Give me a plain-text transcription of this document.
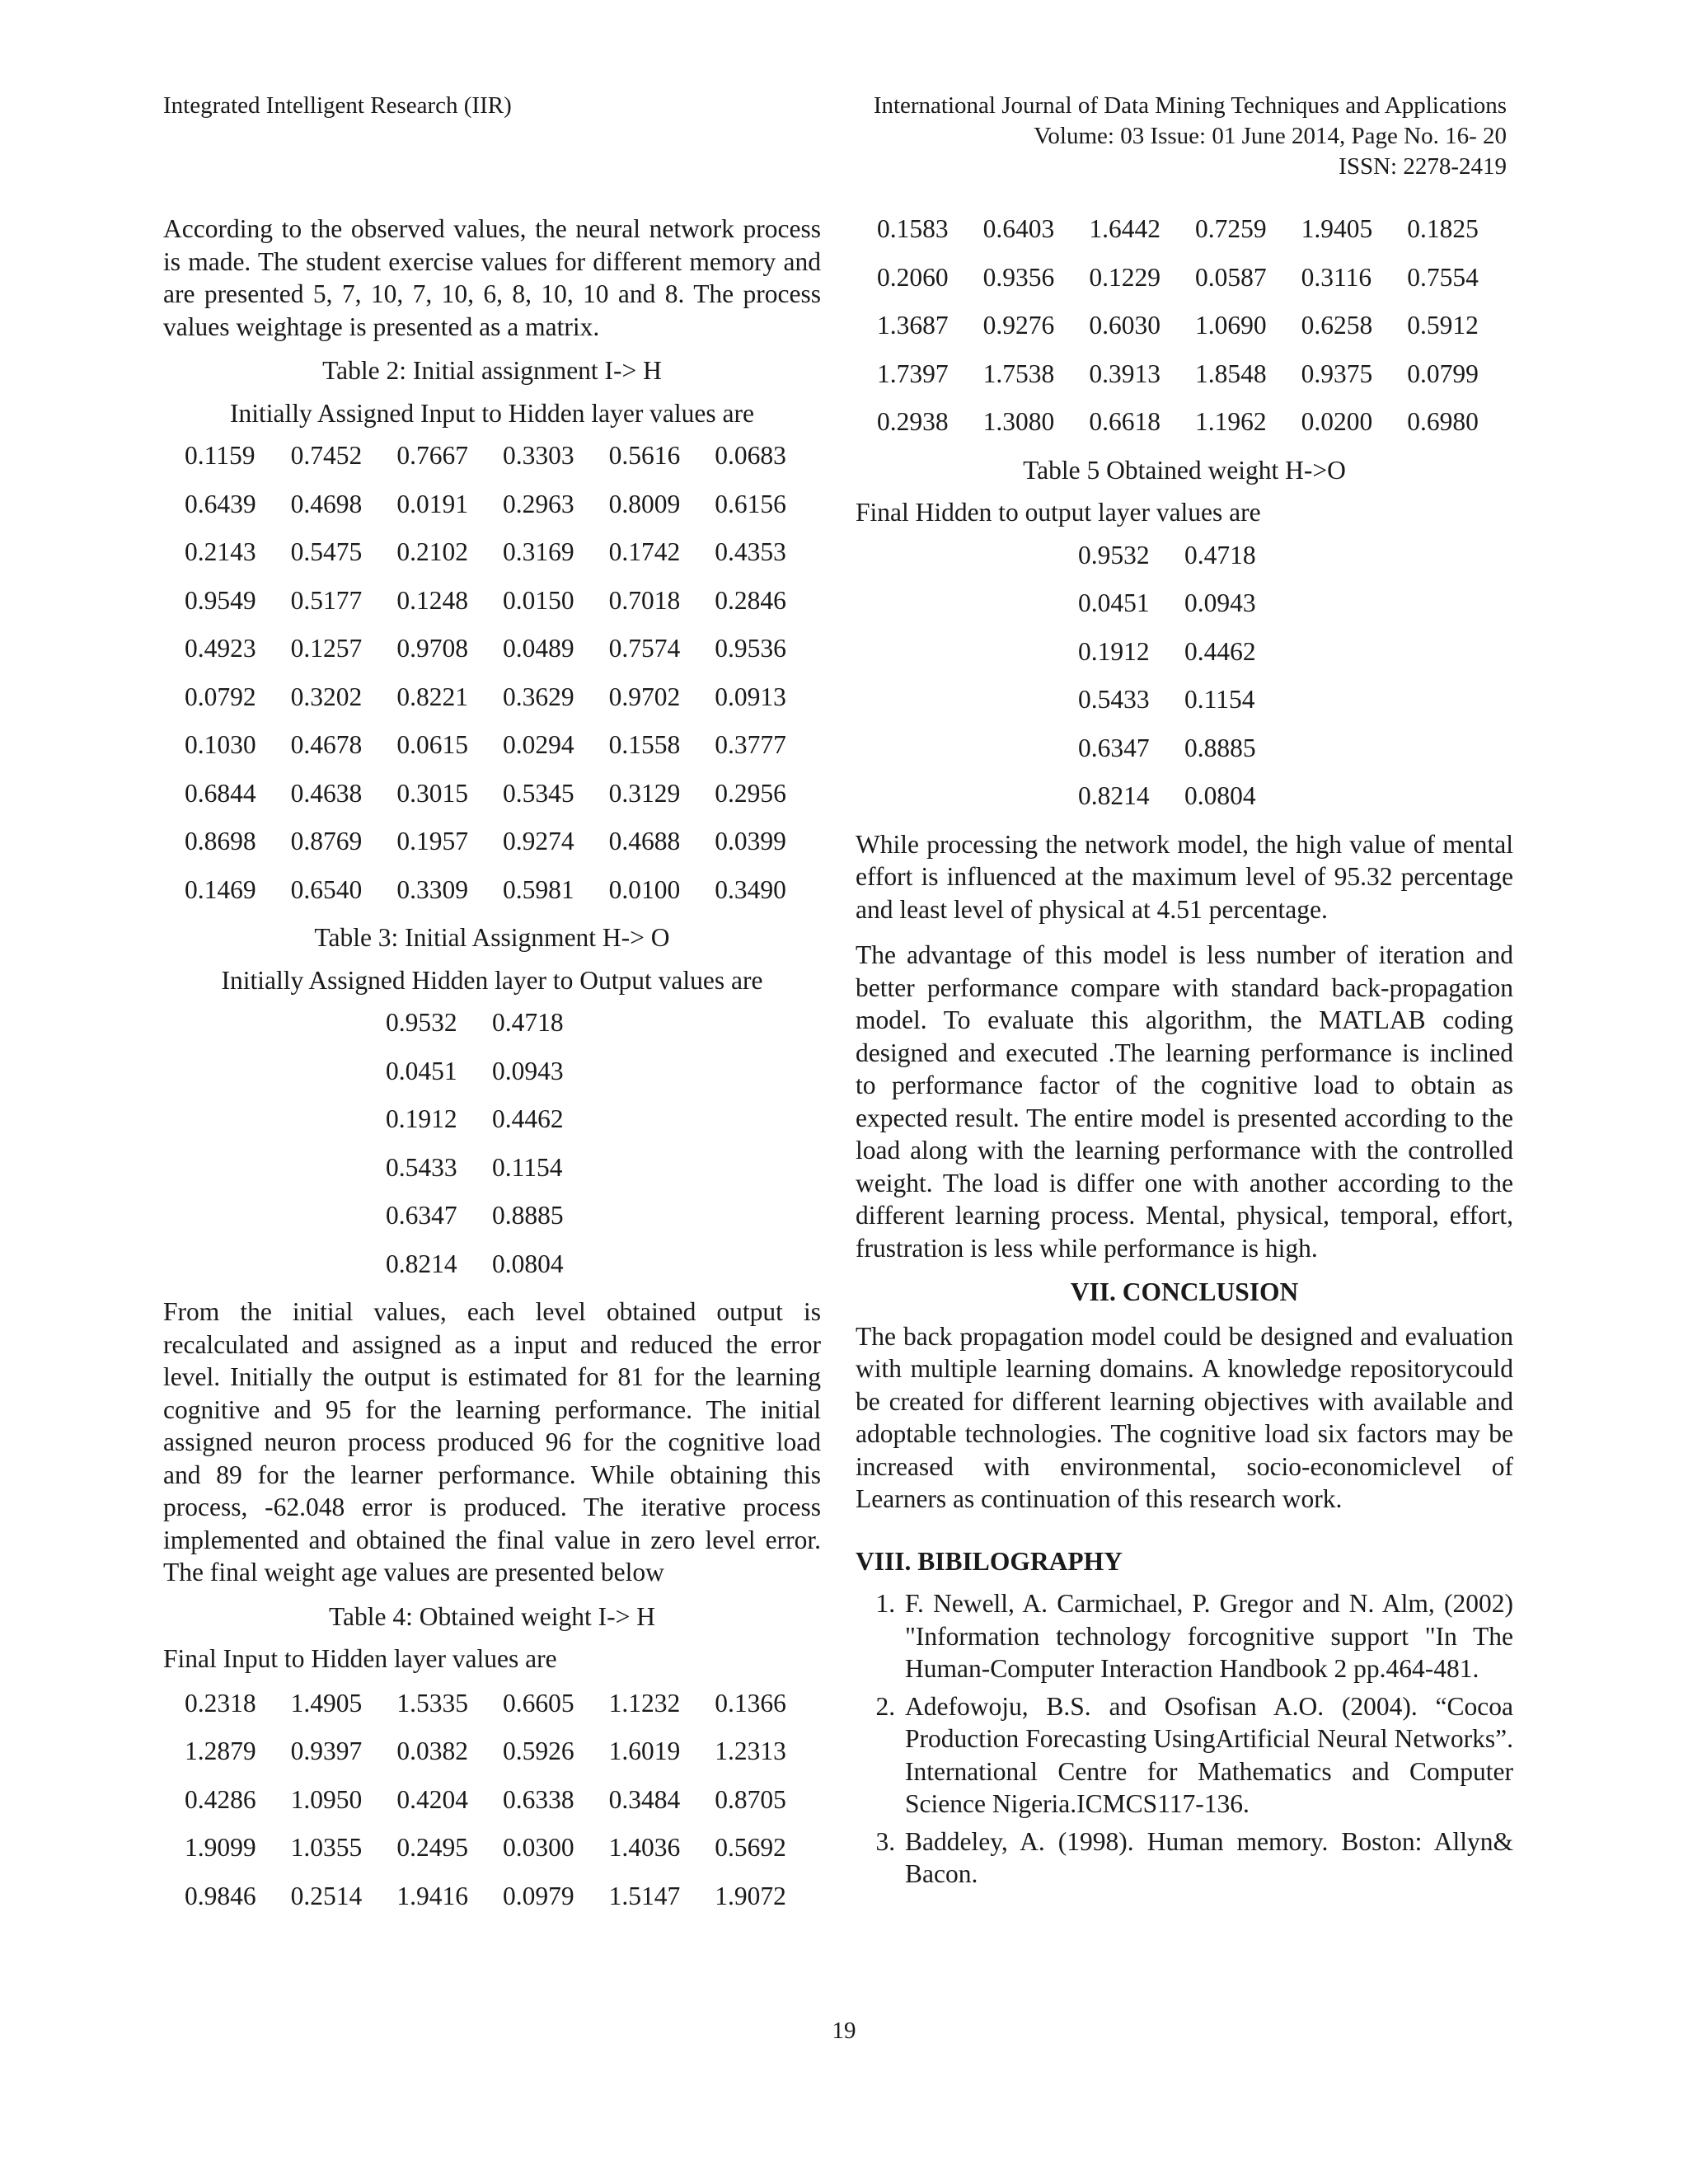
Integrated Intelligent Research (IIR)	International Journal of Data Mining Techniques and Applications
Volume: 03 Issue: 01 June 2014, Page No. 16- 20
ISSN: 2278-2419

According to the observed values, the neural network process is made. The student exercise values for different memory and are presented 5, 7, 10, 7, 10, 6, 8, 10, 10 and 8. The process values weightage is presented as a matrix.

Table 2: Initial assignment I-> H
Initially Assigned Input to Hidden layer values are
0.1159	0.7452	0.7667	0.3303	0.5616	0.0683
0.6439	0.4698	0.0191	0.2963	0.8009	0.6156
0.2143	0.5475	0.2102	0.3169	0.1742	0.4353
0.9549	0.5177	0.1248	0.0150	0.7018	0.2846
0.4923	0.1257	0.9708	0.0489	0.7574	0.9536
0.0792	0.3202	0.8221	0.3629	0.9702	0.0913
0.1030	0.4678	0.0615	0.0294	0.1558	0.3777
0.6844	0.4638	0.3015	0.5345	0.3129	0.2956
0.8698	0.8769	0.1957	0.9274	0.4688	0.0399
0.1469	0.6540	0.3309	0.5981	0.0100	0.3490
Table 3: Initial Assignment H-> O
Initially Assigned Hidden layer to Output values are
0.9532	0.4718
0.0451	0.0943
0.1912	0.4462
0.5433	0.1154
0.6347	0.8885
0.8214	0.0804

From the initial values, each level obtained output is recalculated and assigned as a input and reduced the error level. Initially the output is estimated for 81 for the learning cognitive and 95 for the learning performance. The initial assigned neuron process produced 96 for the cognitive load and 89 for the learner performance. While obtaining this process, -62.048 error is produced. The iterative process implemented and obtained the final value in zero level error. The final weight age values are presented below

Table 4: Obtained weight I-> H
Final Input to Hidden layer values are
0.2318	1.4905	1.5335	0.6605	1.1232	0.1366
1.2879	0.9397	0.0382	0.5926	1.6019	1.2313
0.4286	1.0950	0.4204	0.6338	0.3484	0.8705
1.9099	1.0355	0.2495	0.0300	1.4036	0.5692
0.9846	0.2514	1.9416	0.0979	1.5147	1.9072
0.1583	0.6403	1.6442	0.7259	1.9405	0.1825
0.2060	0.9356	0.1229	0.0587	0.3116	0.7554
1.3687	0.9276	0.6030	1.0690	0.6258	0.5912
1.7397	1.7538	0.3913	1.8548	0.9375	0.0799
0.2938	1.3080	0.6618	1.1962	0.0200	0.6980
Table 5 Obtained weight H->O
Final Hidden to output layer values are
0.9532	0.4718
0.0451	0.0943
0.1912	0.4462
0.5433	0.1154
0.6347	0.8885
0.8214	0.0804

While processing the network model, the high value of mental effort is influenced at the maximum level of 95.32 percentage and least level of physical at 4.51 percentage.

The advantage of this model is less number of iteration and better performance compare with standard back-propagation model. To evaluate this algorithm, the MATLAB coding designed and executed .The learning performance is inclined to performance factor of the cognitive load to obtain as expected result. The entire model is presented according to the load along with the learning performance with the controlled weight. The load is differ one with another according to the different learning process. Mental, physical, temporal, effort, frustration is less while performance is high.

VII. CONCLUSION

The back propagation model could be designed and evaluation with multiple learning domains. A knowledge repositorycould be created for different learning objectives with available and adoptable technologies. The cognitive load six factors may be increased with environmental, socio-economiclevel of Learners as continuation of this research work.

VIII. BIBILOGRAPHY
1. F. Newell, A. Carmichael, P. Gregor and N. Alm, (2002) "Information technology forcognitive support "In The Human-Computer Interaction Handbook 2 pp.464-481.
2. Adefowoju, B.S. and Osofisan A.O. (2004). “Cocoa Production Forecasting UsingArtificial Neural Networks”. International Centre for Mathematics and Computer Science Nigeria.ICMCS117-136.
3. Baddeley, A. (1998). Human memory. Boston: Allyn& Bacon.
19
